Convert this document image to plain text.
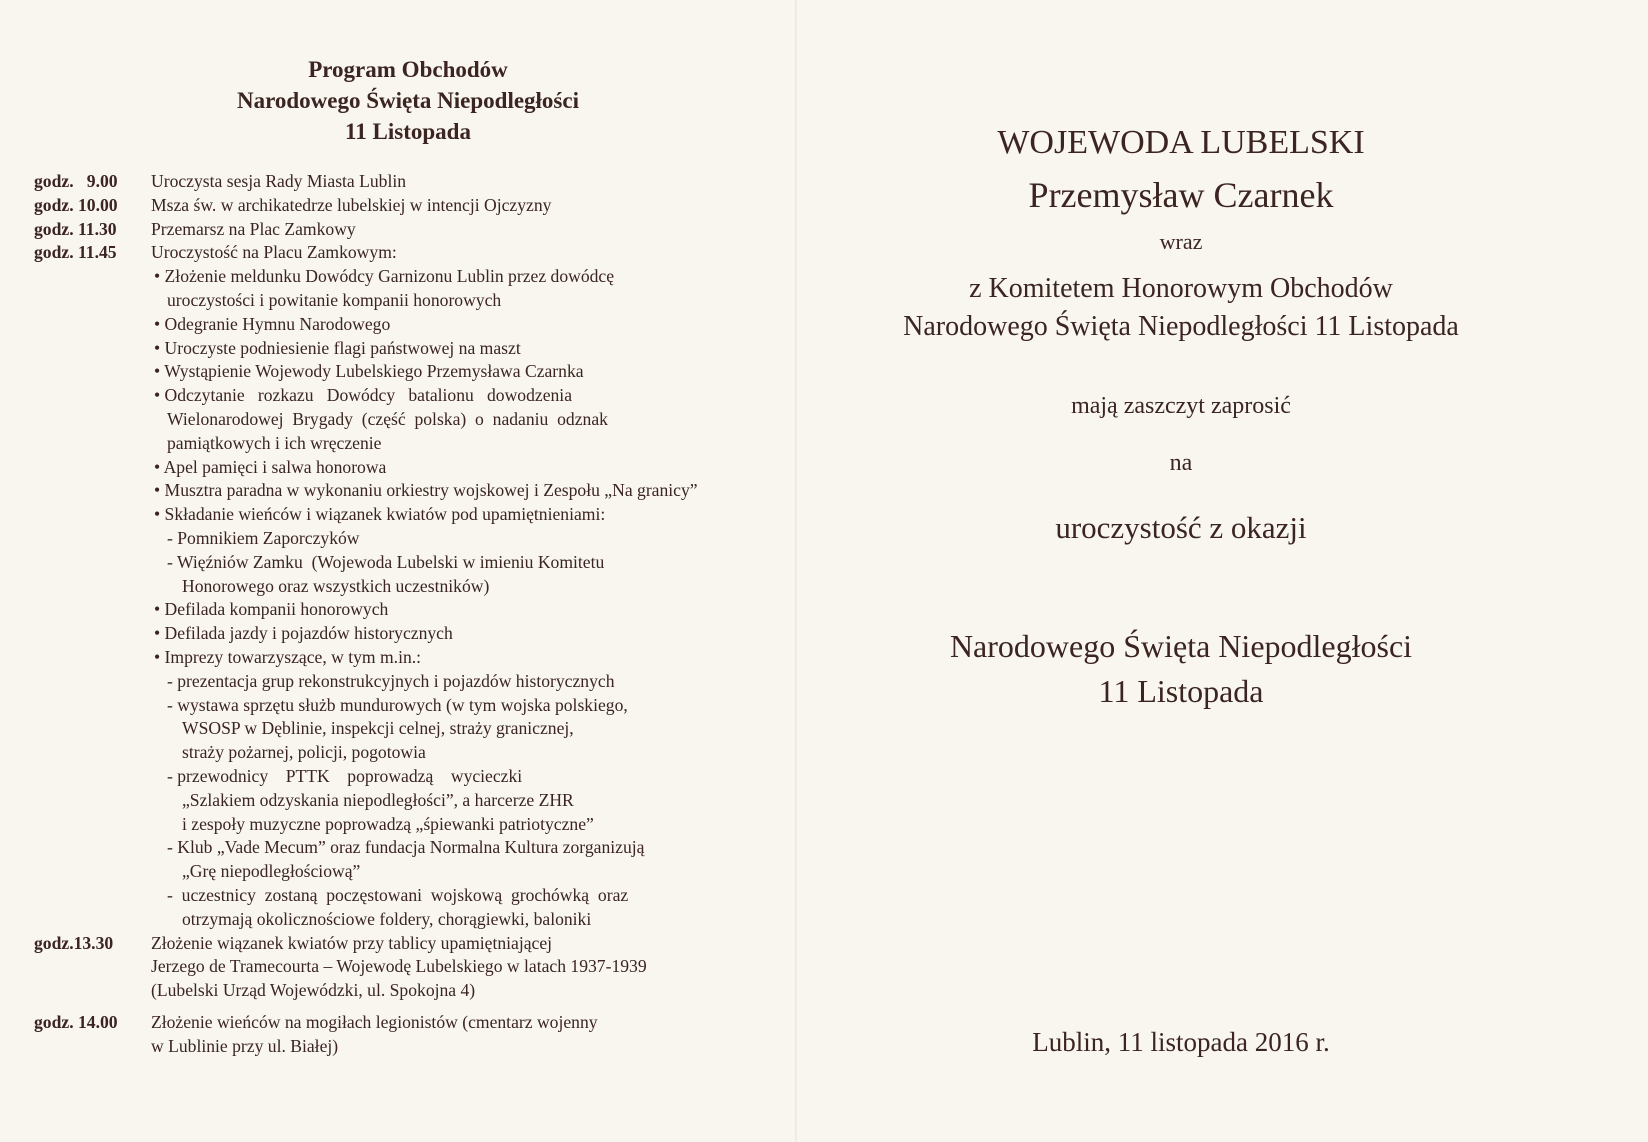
Program Obchodów
Narodowego Święta Niepodległości
11 Listopada
godz.   9.00	Uroczysta sesja Rady Miasta Lublin
godz. 10.00	Msza św. w archikatedrze lubelskiej w intencji Ojczyzny
godz. 11.30	Przemarsz na Plac Zamkowy
godz. 11.45	Uroczystość na Placu Zamkowym:
• Złożenie meldunku Dowódcy Garnizonu Lublin przez dowódcę
uroczystości i powitanie kompanii honorowych
• Odegranie Hymnu Narodowego
• Uroczyste podniesienie flagi państwowej na maszt
• Wystąpienie Wojewody Lubelskiego Przemysława Czarnka
• Odczytanie   rozkazu   Dowódcy   batalionu   dowodzenia
Wielonarodowej  Brygady  (część  polska)  o  nadaniu  odznak
pamiątkowych i ich wręczenie
• Apel pamięci i salwa honorowa
• Musztra paradna w wykonaniu orkiestry wojskowej i Zespołu „Na granicy”
• Składanie wieńców i wiązanek kwiatów pod upamiętnieniami:
- Pomnikiem Zaporczyków
- Więźniów Zamku  (Wojewoda Lubelski w imieniu Komitetu
Honorowego oraz wszystkich uczestników)
• Defilada kompanii honorowych
• Defilada jazdy i pojazdów historycznych
• Imprezy towarzyszące, w tym m.in.:
- prezentacja grup rekonstrukcyjnych i pojazdów historycznych
- wystawa sprzętu służb mundurowych (w tym wojska polskiego,
WSOSP w Dęblinie, inspekcji celnej, straży granicznej,
straży pożarnej, policji, pogotowia
- przewodnicy    PTTK    poprowadzą    wycieczki
„Szlakiem odzyskania niepodległości”, a harcerze ZHR
i zespoły muzyczne poprowadzą „śpiewanki patriotyczne”
- Klub „Vade Mecum” oraz fundacja Normalna Kultura zorganizują
„Grę niepodległościową”
-  uczestnicy  zostaną  poczęstowani  wojskową  grochówką  oraz
otrzymają okolicznościowe foldery, chorągiewki, baloniki
godz.13.30	Złożenie wiązanek kwiatów przy tablicy upamiętniającej
Jerzego de Tramecourta – Wojewodę Lubelskiego w latach 1937-1939
(Lubelski Urząd Wojewódzki, ul. Spokojna 4)
godz. 14.00	Złożenie wieńców na mogiłach legionistów (cmentarz wojenny
w Lublinie przy ul. Białej)
WOJEWODA LUBELSKI
Przemysław Czarnek
wraz
z Komitetem Honorowym Obchodów
Narodowego Święta Niepodległości 11 Listopada
mają zaszczyt zaprosić
na
uroczystość z okazji
Narodowego Święta Niepodległości
11 Listopada
Lublin, 11 listopada 2016 r.
